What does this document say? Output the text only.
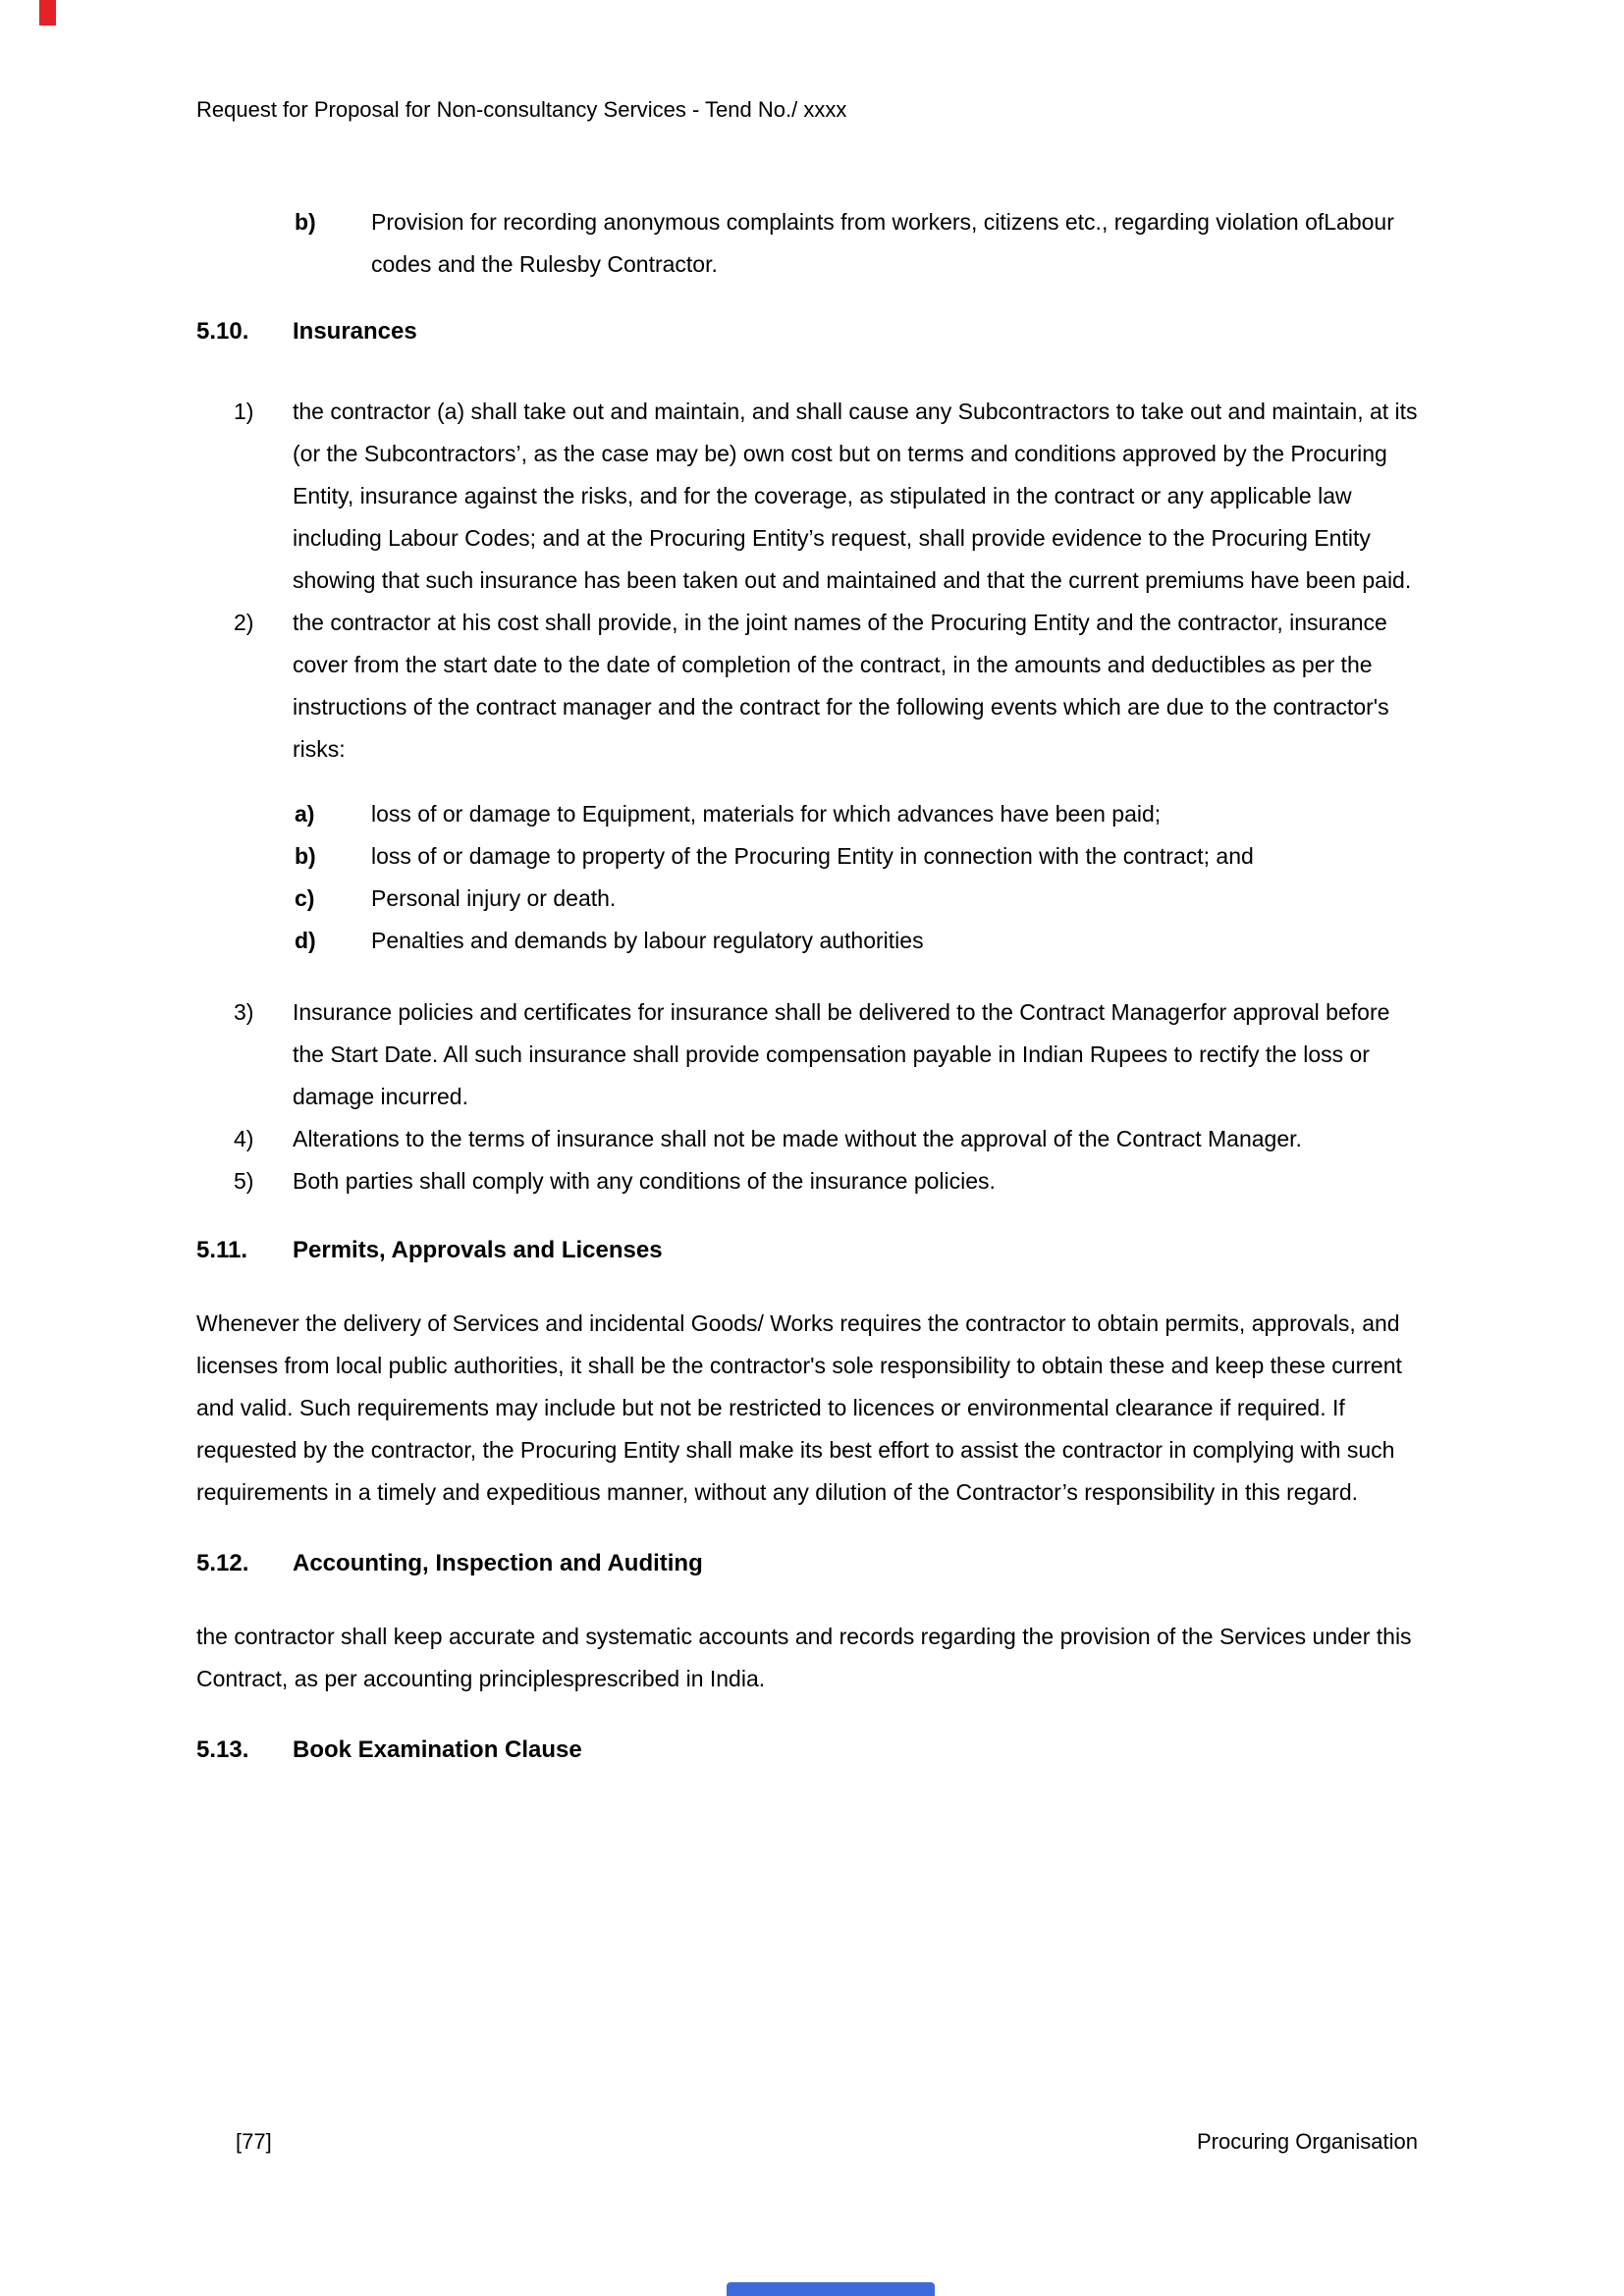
Request for Proposal for Non-consultancy Services - Tend No./ xxxx
b)	Provision for recording anonymous complaints from workers, citizens etc., regarding violation ofLabour codes and the Rulesby Contractor.
5.10.	Insurances
1)	the contractor (a) shall take out and maintain, and shall cause any Subcontractors to take out and maintain, at its (or the Subcontractors’, as the case may be) own cost but on terms and conditions approved by the Procuring Entity, insurance against the risks, and for the coverage, as stipulated in the contract or any applicable law including Labour Codes; and at the Procuring Entity’s request, shall provide evidence to the Procuring Entity showing that such insurance has been taken out and maintained and that the current premiums have been paid.
2)	the contractor at his cost shall provide, in the joint names of the Procuring Entity and the contractor, insurance cover from the start date to the date of completion of the contract, in the amounts and deductibles as per the instructions of the contract manager and the contract for the following events which are due to the contractor's risks:
a)	loss of or damage to Equipment, materials for which advances have been paid;
b)	loss of or damage to property of the Procuring Entity in connection with the contract; and
c)	Personal injury or death.
d)	Penalties and demands by labour regulatory authorities
3)	Insurance policies and certificates for insurance shall be delivered to the Contract Managerfor approval before the Start Date. All such insurance shall provide compensation payable in Indian Rupees to rectify the loss or damage incurred.
4)	Alterations to the terms of insurance shall not be made without the approval of the Contract Manager.
5)	Both parties shall comply with any conditions of the insurance policies.
5.11.	Permits, Approvals and Licenses
Whenever the delivery of Services and incidental Goods/ Works requires the contractor to obtain permits, approvals, and licenses from local public authorities, it shall be the contractor's sole responsibility to obtain these and keep these current and valid. Such requirements may include but not be restricted to licences or environmental clearance if required. If requested by the contractor, the Procuring Entity shall make its best effort to assist the contractor in complying with such requirements in a timely and expeditious manner, without any dilution of the Contractor’s responsibility in this regard.
5.12.	Accounting, Inspection and Auditing
the contractor shall keep accurate and systematic accounts and records regarding the provision of the Services under this Contract, as per accounting principlesprescribed in India.
5.13.	Book Examination Clause
[77]	Procuring Organisation
